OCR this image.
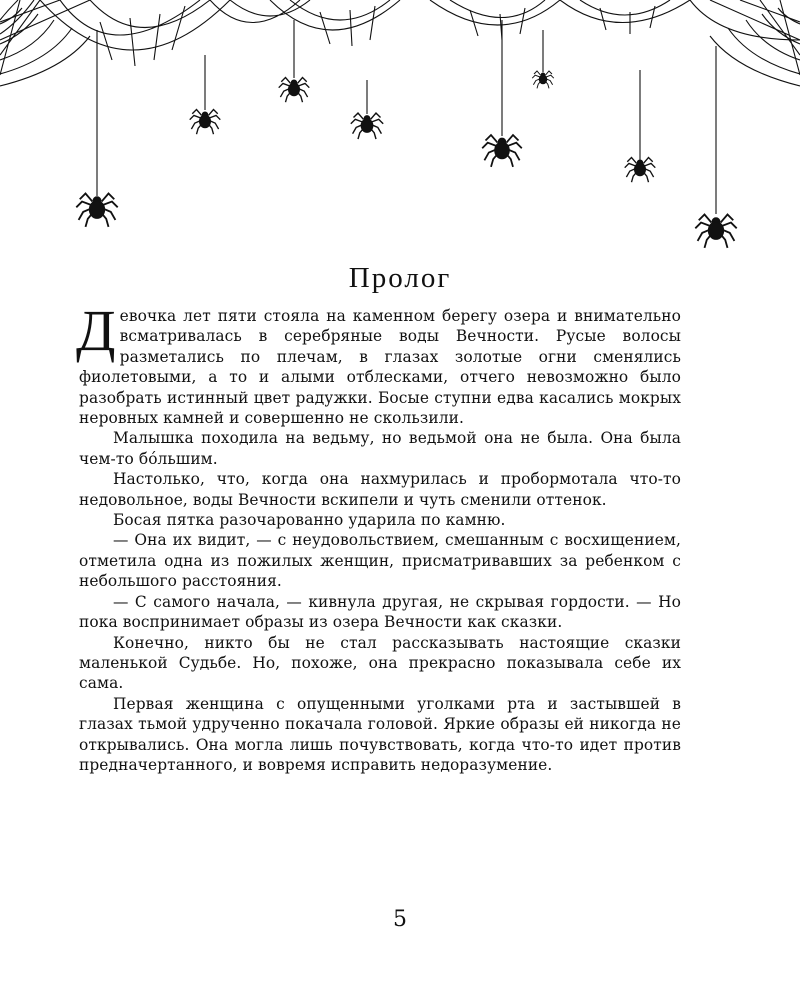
Пролог

Девочка лет пяти стояла на каменном берегу озера и внимательно всматривалась в серебряные воды Вечности. Русые волосы разметались по плечам, в глазах золотые огни сменялись фиолетовыми, а то и алыми отблесками, отчего невозможно было разобрать истинный цвет радужки. Босые ступни едва касались мокрых неровных камней и совершенно не скользили.

Малышка походила на ведьму, но ведьмой она не была. Она была чем-то бóльшим.

Настолько, что, когда она нахмурилась и пробормотала что-то недовольное, воды Вечности вскипели и чуть сменили оттенок.

Босая пятка разочарованно ударила по камню.

— Она их видит, — с неудовольствием, смешанным с восхищением, отметила одна из пожилых женщин, присматривавших за ребенком с небольшого расстояния.

— С самого начала, — кивнула другая, не скрывая гордости. — Но пока воспринимает образы из озера Вечности как сказки.

Конечно, никто бы не стал рассказывать настоящие сказки маленькой Судьбе. Но, похоже, она прекрасно показывала себе их сама.

Первая женщина с опущенными уголками рта и застывшей в глазах тьмой удрученно покачала головой. Яркие образы ей никогда не открывались. Она могла лишь почувствовать, когда что-то идет против предначертанного, и вовремя исправить недоразумение.

5
